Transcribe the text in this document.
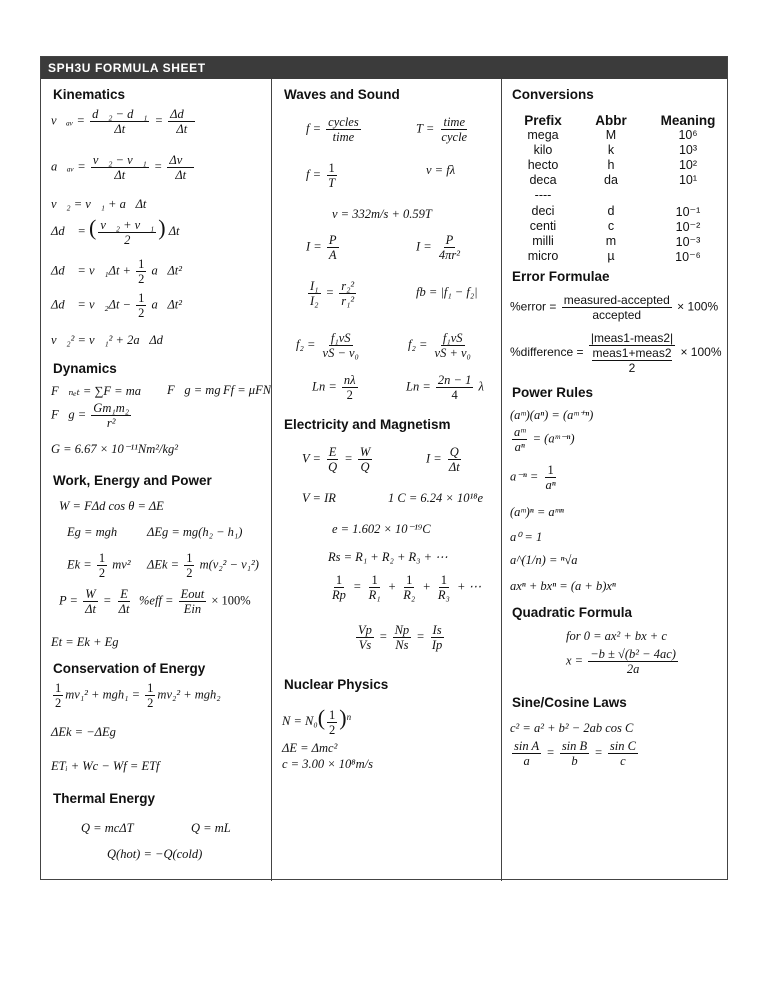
SPH3U FORMULA SHEET
Kinematics
v⃗ₐᵥ = $\frac{\text{d⃗₂ − d⃗₁}}{\Delta t} = \frac{\Delta d⃗}{\Delta t}$
a⃗ₐᵥ = $\frac{\text{v⃗₂ − v⃗₁}}{\Delta t} = \frac{\Delta v⃗}{\Delta t}$
v⃗₂ = v⃗₁ + a⃗Δt
Δd⃗ = ( $\frac{\text{v⃗₂ + v⃗₁}}{2}$ ) Δt
Δd⃗ = v⃗₁Δt + $\frac{1}{2}$ a⃗Δt²
Δd⃗ = v⃗₂Δt − $\frac{1}{2}$ a⃗Δt²
v⃗₂² = v⃗₁² + 2a⃗Δd⃗
Dynamics
F⃗ₙₑₜ = ∑F = ma⃗ F⃗g = mg⃗
Ff = μFN
F⃗g = $\frac{\text{Gm₁m₂}}{\text{r²}}$
G = 6.67 × 10⁻¹¹Nm²/kg²
Work, Energy and Power
W = FΔd cos θ = ΔE
Eg = mgh ΔEg = mg(h₂ − h₁)
$Ek = \frac{1}{2} mv^2$ $\Delta Ek = \frac{1}{2} m(v_2^2 - v_1^2)$
$P = \frac{W}{\Delta t} = \frac{E}{\Delta t} \%eff$ = Eout
Ein
× 100%
Et = Ek + Eg
Conservation of Energy
$\frac{1}{2} mv_1^2 + mgh_1 = \frac{1}{2} mv_2^2 + mgh_2$
ΔEk = −ΔEg
ETᵢ + Wc − Wf = ETf
Thermal Energy
Q = mcΔT	Q = mL
Q(hot) = −Q(cold)
Waves and Sound
f = cycles
time
T = time
cycle
$f = \frac{1}{T}$	v = fλ
v = 332m/s + 0.59T
$I = \frac{P}{A}$	$I = \frac{P}{\text{4πr²}}$
$\frac{\text{I₁}}{\text{I₂}} = \frac{\text{r₂²}}{\text{r₁²}}$	fb = |f₁ − f₂|
$f_2 = \frac{\text{f₁vS}}{\text{vS − v₀}}$	$f_2 = \frac{\text{f₁vS}}{\text{vS + v₀}}$
$Ln = \frac{n\lambda}{2}$	$Ln = \frac{2n - 1}{4}$ λ
Electricity and Magnetism
$V = \frac{E}{Q} = \frac{W}{Q}$	$I = \frac{Q}{\Delta t}$
V = IR	1 C = 6.24 × 10¹⁸e
e = 1.602 × 10⁻¹⁹C
Rs = R₁ + R₂ + R₃ + ⋯
$\frac{1}{Rp} = \frac{1}{\text{R₁}} + \frac{1}{\text{R₂}} + \frac{1}{\text{R₃}}$ + ⋯
$\frac{Vp}{Vs} = \frac{Np}{Ns} = \frac{Is}{Ip}$
Nuclear Physics
$N = N_0( \frac{1}{2} )^n$
ΔE = Δmc²
c = 3.00 × 10⁸m/s
Conversions
Prefix	Abbr	Meaning
mega	M	10⁶
kilo	k	10³
hecto	h	10²
deca	da	10¹
----
deci	d	10⁻¹
centi	c	10⁻²
milli	m	10⁻³
micro	µ	10⁻⁶
Error Formulae
%error = measured-accepted
accepted
× 100%
%difference =
|meas1-meas2|
meas1+meas2
2
× 100%
Power Rules
(aᵐ)(aⁿ) = (aᵐ⁺ⁿ)
$\frac{\text{aᵐ}}{\text{aⁿ}}$ = (aᵐ⁻ⁿ)
$a^{-n} = \frac{1}{\text{aⁿ}}$
(aᵐ)ⁿ = aᵐⁿ
a⁰ = 1
a^(1/n) = ⁿ√a
axⁿ + bxⁿ = (a + b)xⁿ
Quadratic Formula
for 0 = ax² + bx + c
$x = \frac{\text{−b ± √(b² − 4ac)}}{2a}$
Sine/Cosine Laws
c² = a² + b² − 2ab cos C
$\frac{\text{sin A}}{a} = \frac{\text{sin B}}{b} = \frac{\text{sin C}}{c}$
